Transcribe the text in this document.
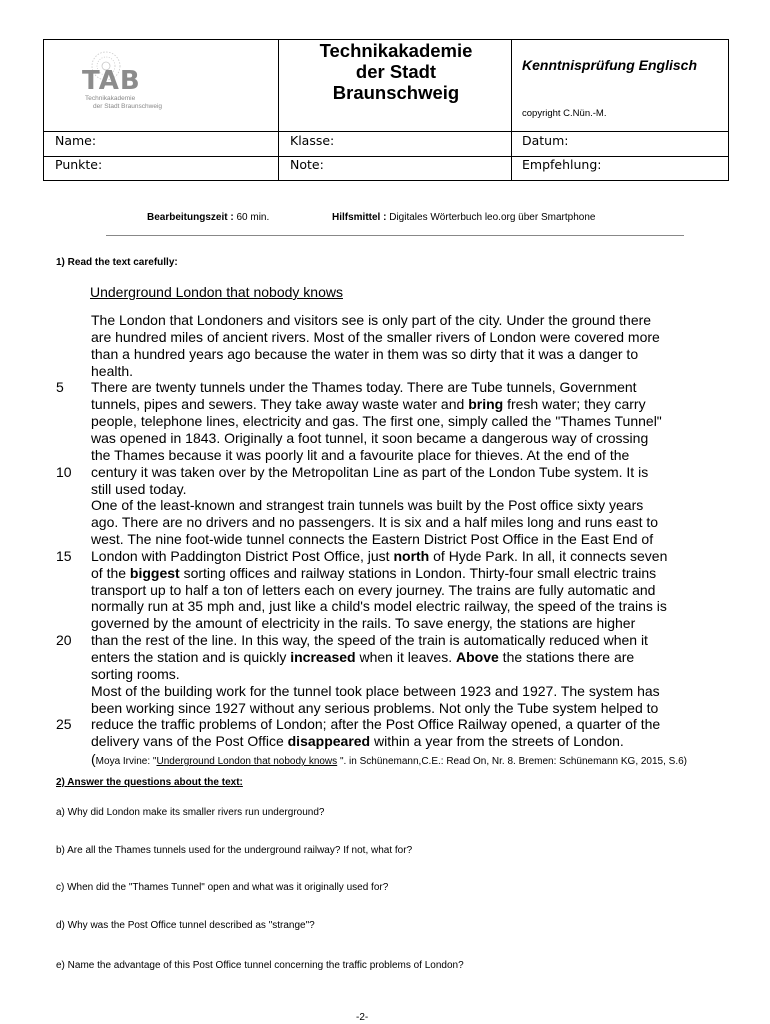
TAB
Technikakademie
der Stadt Braunschweig
Technikakademie
der Stadt
Braunschweig
Kenntnisprüfung Englisch
copyright C.Nün.-M.
Name:	Klasse:	Datum:
Punkte:	Note:	Empfehlung:
Bearbeitungszeit : 60 min.	Hilfsmittel : Digitales Wörterbuch leo.org über Smartphone
1) Read the text carefully:
Underground London that nobody knows
The London that Londoners and visitors see is only part of the city. Under the ground there
are hundred miles of ancient rivers. Most of the smaller rivers of London were covered more
than a hundred years ago because the water in them was so dirty that it was a danger to
health.
There are twenty tunnels under the Thames today. There are Tube tunnels, Government
tunnels, pipes and sewers. They take away waste water and bring fresh water; they carry
people, telephone lines, electricity and gas. The first one, simply called the "Thames Tunnel"
was opened in 1843. Originally a foot tunnel, it soon became a dangerous way of crossing
the Thames because it was poorly lit and a favourite place for thieves. At the end of the
century it was taken over by the Metropolitan Line as part of the London Tube system. It is
still used today.
One of the least-known and strangest train tunnels was built by the Post office sixty years
ago. There are no drivers and no passengers. It is six and a half miles long and runs east to
west. The nine foot-wide tunnel connects the Eastern District Post Office in the East End of
London with Paddington District Post Office, just north of Hyde Park. In all, it connects seven
of the biggest sorting offices and railway stations in London. Thirty-four small electric trains
transport up to half a ton of letters each on every journey. The trains are fully automatic and
normally run at 35 mph and, just like a child's model electric railway, the speed of the trains is
governed by the amount of electricity in the rails. To save energy, the stations are higher
than the rest of the line. In this way, the speed of the train is automatically reduced when it
enters the station and is quickly increased when it leaves. Above the stations there are
sorting rooms.
Most of the building work for the tunnel took place between 1923 and 1927. The system has
been working since 1927 without any serious problems. Not only the Tube system helped to
reduce the traffic problems of London; after the Post Office Railway opened, a quarter of the
delivery vans of the Post Office disappeared within a year from the streets of London.
5
10
15
20
25
(Moya Irvine: "Underground London that nobody knows ". in Schünemann,C.E.: Read On, Nr. 8. Bremen: Schünemann KG, 2015, S.6)
2) Answer the questions about the text:
a) Why did London make its smaller rivers run underground?
b) Are all the Thames tunnels used for the underground railway? If not, what for?
c) When did the "Thames Tunnel" open and what was it originally used for?
d) Why was the Post Office tunnel described as "strange"?
e) Name the advantage of this Post Office tunnel concerning the traffic problems of London?
-2-
